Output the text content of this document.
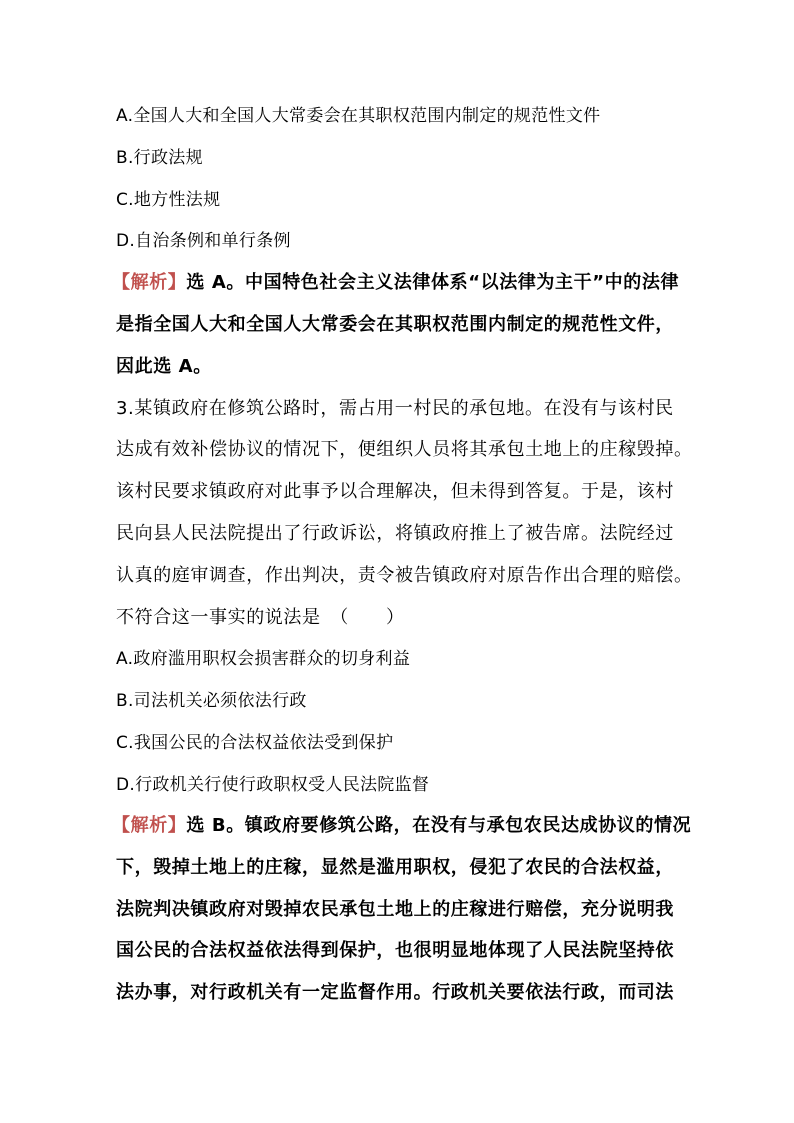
A.全国人大和全国人大常委会在其职权范围内制定的规范性文件
B.行政法规
C.地方性法规
D.自治条例和单行条例
【解析】选 A。中国特色社会主义法律体系“以法律为主干”中的法律
是指全国人大和全国人大常委会在其职权范围内制定的规范性文件，
因此选 A。
3.某镇政府在修筑公路时，需占用一村民的承包地。在没有与该村民
达成有效补偿协议的情况下，便组织人员将其承包土地上的庄稼毁掉。
该村民要求镇政府对此事予以合理解决，但未得到答复。于是，该村
民向县人民法院提出了行政诉讼，将镇政府推上了被告席。法院经过
认真的庭审调查，作出判决，责令被告镇政府对原告作出合理的赔偿。
不符合这一事实的说法是　（　　）
A.政府滥用职权会损害群众的切身利益
B.司法机关必须依法行政
C.我国公民的合法权益依法受到保护
D.行政机关行使行政职权受人民法院监督
【解析】选 B。镇政府要修筑公路，在没有与承包农民达成协议的情况
下，毁掉土地上的庄稼，显然是滥用职权，侵犯了农民的合法权益，
法院判决镇政府对毁掉农民承包土地上的庄稼进行赔偿，充分说明我
国公民的合法权益依法得到保护，也很明显地体现了人民法院坚持依
法办事，对行政机关有一定监督作用。行政机关要依法行政，而司法
